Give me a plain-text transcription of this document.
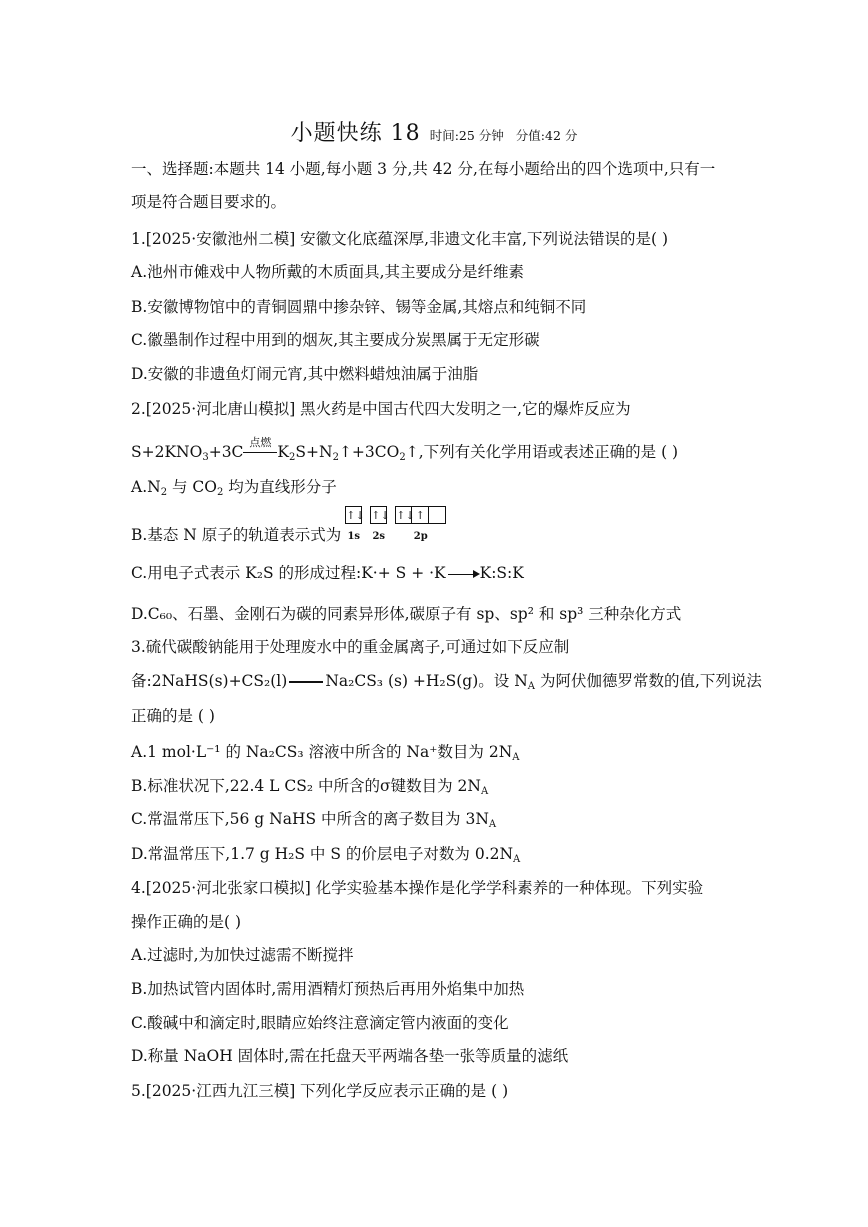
小题快练 18 时间:25 分钟 分值:42 分
一、选择题:本题共 14 小题,每小题 3 分,共 42 分,在每小题给出的四个选项中,只有一
项是符合题目要求的。
1.[2025·安徽池州二模] 安徽文化底蕴深厚,非遗文化丰富,下列说法错误的是( )
A.池州市傩戏中人物所戴的木质面具,其主要成分是纤维素
B.安徽博物馆中的青铜圆鼎中掺杂锌、锡等金属,其熔点和纯铜不同
C.徽墨制作过程中用到的烟灰,其主要成分炭黑属于无定形碳
D.安徽的非遗鱼灯闹元宵,其中燃料蜡烛油属于油脂
2.[2025·河北唐山模拟] 黑火药是中国古代四大发明之一,它的爆炸反应为
$S+2KNO_3+3C$
点燃
$K_2S+N_2↑+3CO_2↑$,下列有关化学用语或表述正确的是 ( )
$A.N_2$ 与 $CO_2$ 均为直线形分子
B.基态 N 原子的轨道表示式为
↑↓ ↑↓ ↑↓ ↑
1s 2s	2p
C.用电子式表示 K₂S 的形成过程:K·+ S + ·K K:S:K
D.C₆₀、石墨、金刚石为碳的同素异形体,碳原子有 sp、sp² 和 sp³ 三种杂化方式
3.硫代碳酸钠能用于处理废水中的重金属离子,可通过如下反应制
备:2NaHS(s)+CS₂(l) Na₂CS₃ (s) +H₂S(g)。设 $N_A$ 为阿伏伽德罗常数的值,下列说法
正确的是 ( )
A.1 mol·L⁻¹ 的 Na₂CS₃ 溶液中所含的 Na⁺数目为 $2N_A$
B.标准状况下,22.4 L CS₂ 中所含的σ键数目为 $2N_A$
C.常温常压下,56 g NaHS 中所含的离子数目为 $3N_A$
D.常温常压下,1.7 g H₂S 中 S 的价层电子对数为 $0.2N_A$
4.[2025·河北张家口模拟] 化学实验基本操作是化学学科素养的一种体现。下列实验
操作正确的是( )
A.过滤时,为加快过滤需不断搅拌
B.加热试管内固体时,需用酒精灯预热后再用外焰集中加热
C.酸碱中和滴定时,眼睛应始终注意滴定管内液面的变化
D.称量 NaOH 固体时,需在托盘天平两端各垫一张等质量的滤纸
5.[2025·江西九江三模] 下列化学反应表示正确的是 ( )
